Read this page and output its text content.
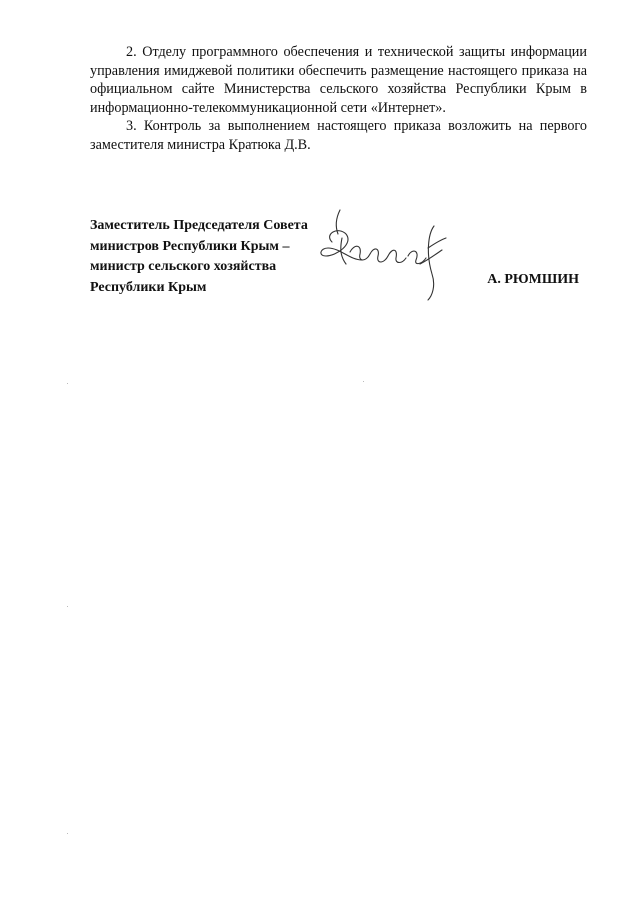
2. Отделу программного обеспечения и технической защиты информации управления имиджевой политики обеспечить размещение настоящего приказа на официальном сайте Министерства сельского хозяйства Республики Крым в информационно-телекоммуникационной сети «Интернет».

3. Контроль за выполнением настоящего приказа возложить на первого заместителя министра Кратюка Д.В.

Заместитель Председателя Совета
министров Республики Крым –
министр сельского хозяйства
Республики Крым	А. РЮМШИН
